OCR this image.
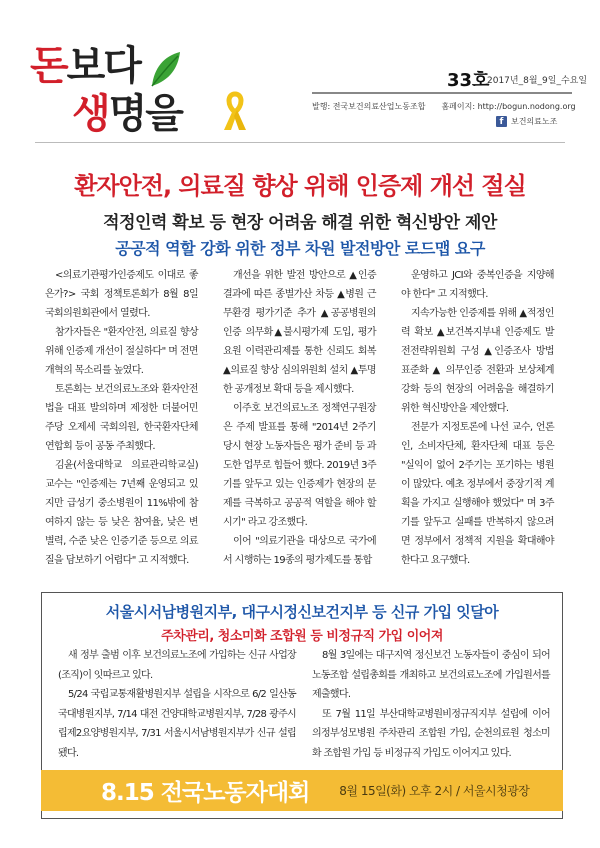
돈보다
생명을
33호
2017년_8월_9일_수요일
발행: 전국보건의료산업노동조합 홈페이지: http://bogun.nodong.org
f 보건의료노조
환자안전, 의료질 향상 위해 인증제 개선 절실
적정인력 확보 등 현장 어려움 해결 위한 혁신방안 제안
공공적 역할 강화 위한 정부 차원 발전방안 로드맵 요구

<의료기관평가인증제도 이대로 좋은가?> 국회 정책토론회가 8월 8일 국회의원회관에서 열렸다.

참가자들은 "환자안전, 의료질 향상 위해 인증제 개선이 절실하다" 며 전면개혁의 목소리를 높였다.

토론회는 보건의료노조와 환자안전법을 대표 발의하며 제정한 더불어민주당 오제세 국회의원, 한국환자단체연합회 등이 공동 주최했다.

김윤(서울대학교 의료관리학교실) 교수는 "인증제는 7년째 운영되고 있지만 급성기 중소병원이 11%밖에 참여하지 않는 등 낮은 참여율, 낮은 변별력, 수준 낮은 인증기준 등으로 의료질을 담보하기 어렵다" 고 지적했다.

개선을 위한 발전 방안으로 ▲인증결과에 따른 종별가산 차등 ▲병원 근무환경 평가기준 추가 ▲공공병원의 인증 의무화▲불시평가제 도입, 평가요원 이력관리제를 통한 신뢰도 회복 ▲의료질 향상 심의위원회 설치 ▲투명한 공개정보 확대 등을 제시했다.

이주호 보건의료노조 정책연구원장은 주제 발표를 통해 "2014년 2주기 당시 현장 노동자들은 평가 준비 등 과도한 업무로 힘들어 했다. 2019년 3주기를 앞두고 있는 인증제가 현장의 문제를 극복하고 공공적 역할을 해야 할 시기" 라고 강조했다.

이어 "의료기관을 대상으로 국가에서 시행하는 19종의 평가제도를 통합

운영하고 JCI와 중복인증을 지양해야 한다" 고 지적했다.

지속가능한 인증제를 위해 ▲적정인력 확보 ▲보건복지부내 인증제도 발전전략위원회 구성 ▲인증조사 방법 표준화 ▲ 의무인증 전환과 보상체계 강화 등의 현장의 어려움을 해결하기 위한 혁신방안을 제안했다.

전문가 지정토론에 나선 교수, 언론인, 소비자단체, 환자단체 대표 등은 "실익이 없어 2주기는 포기하는 병원이 많았다. 예초 정부에서 중장기적 계획을 가지고 실행해야 했었다" 며 3주기를 앞두고 실패를 반복하지 않으려면 정부에서 정책적 지원을 확대해야 한다고 요구했다.

서울시서남병원지부, 대구시정신보건지부 등 신규 가입 잇달아
주차관리, 청소미화 조합원 등 비정규직 가입 이어져

새 정부 출범 이후 보건의료노조에 가입하는 신규 사업장(조직)이 잇따르고 있다.

5/24 국립교통재활병원지부 설립을 시작으로 6/2 일산동국대병원지부, 7/14 대전 건양대학교병원지부, 7/28 광주시립제2요양병원지부, 7/31 서울시서남병원지부가 신규 설립됐다.

8월 3일에는 대구지역 정신보건 노동자들이 중심이 되어 노동조합 설립총회를 개최하고 보건의료노조에 가입원서를 제출했다.

또 7월 11일 부산대학교병원비정규직지부 설립에 이어 의정부성모병원 주차관리 조합원 가입, 순천의료원 청소미화 조합원 가입 등 비정규직 가입도 이어지고 있다.

8.15 전국노동자대회	8월 15일(화) 오후 2시 / 서울시청광장
